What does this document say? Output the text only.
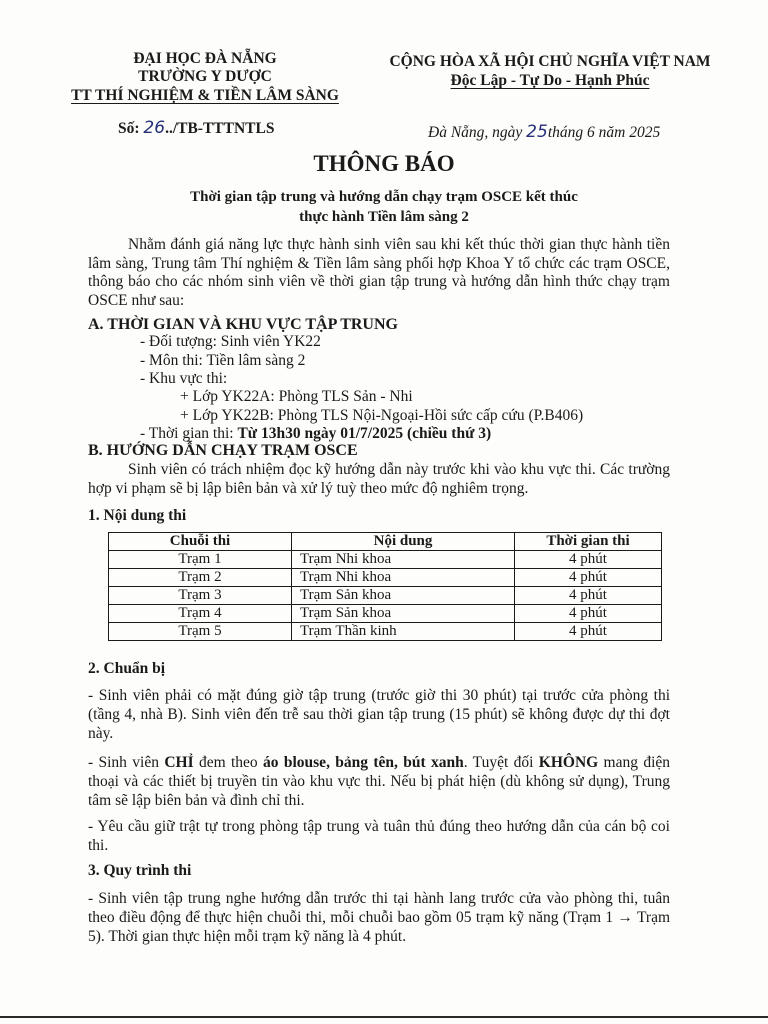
ĐẠI HỌC ĐÀ NẴNG
TRƯỜNG Y DƯỢC
TT THÍ NGHIỆM & TIỀN LÂM SÀNG
CỘNG HÒA XÃ HỘI CHỦ NGHĨA VIỆT NAM
Độc Lập - Tự Do - Hạnh Phúc
Số: 26../TB-TTTNTLS	Đà Nẵng, ngày 25tháng 6 năm 2025
THÔNG BÁO
Thời gian tập trung và hướng dẫn chạy trạm OSCE kết thúc
thực hành Tiền lâm sàng 2
Nhằm đánh giá năng lực thực hành sinh viên sau khi kết thúc thời gian thực hành tiền lâm sàng, Trung tâm Thí nghiệm & Tiền lâm sàng phối hợp Khoa Y tổ chức các trạm OSCE, thông báo cho các nhóm sinh viên về thời gian tập trung và hướng dẫn hình thức chạy trạm OSCE như sau:
A. THỜI GIAN VÀ KHU VỰC TẬP TRUNG
- Đối tượng: Sinh viên YK22
- Môn thi: Tiền lâm sàng 2
- Khu vực thi:
+ Lớp YK22A: Phòng TLS Sản - Nhi
+ Lớp YK22B: Phòng TLS Nội-Ngoại-Hồi sức cấp cứu (P.B406)
- Thời gian thi: Từ 13h30 ngày 01/7/2025 (chiều thứ 3)
B. HƯỚNG DẪN CHẠY TRẠM OSCE
Sinh viên có trách nhiệm đọc kỹ hướng dẫn này trước khi vào khu vực thi. Các trường hợp vi phạm sẽ bị lập biên bản và xử lý tuỳ theo mức độ nghiêm trọng.
1. Nội dung thi
Chuỗi thi	Nội dung	Thời gian thi
Trạm 1	Trạm Nhi khoa	4 phút
Trạm 2	Trạm Nhi khoa	4 phút
Trạm 3	Trạm Sản khoa	4 phút
Trạm 4	Trạm Sản khoa	4 phút
Trạm 5	Trạm Thần kinh	4 phút
2. Chuẩn bị
- Sinh viên phải có mặt đúng giờ tập trung (trước giờ thi 30 phút) tại trước cửa phòng thi (tầng 4, nhà B). Sinh viên đến trễ sau thời gian tập trung (15 phút) sẽ không được dự thi đợt này.
- Sinh viên CHỈ đem theo áo blouse, bảng tên, bút xanh. Tuyệt đối KHÔNG mang điện thoại và các thiết bị truyền tin vào khu vực thi. Nếu bị phát hiện (dù không sử dụng), Trung tâm sẽ lập biên bản và đình chỉ thi.
- Yêu cầu giữ trật tự trong phòng tập trung và tuân thủ đúng theo hướng dẫn của cán bộ coi thi.
3. Quy trình thi
- Sinh viên tập trung nghe hướng dẫn trước thi tại hành lang trước cửa vào phòng thi, tuân theo điều động để thực hiện chuỗi thi, mỗi chuỗi bao gồm 05 trạm kỹ năng (Trạm 1 → Trạm 5). Thời gian thực hiện mỗi trạm kỹ năng là 4 phút.
